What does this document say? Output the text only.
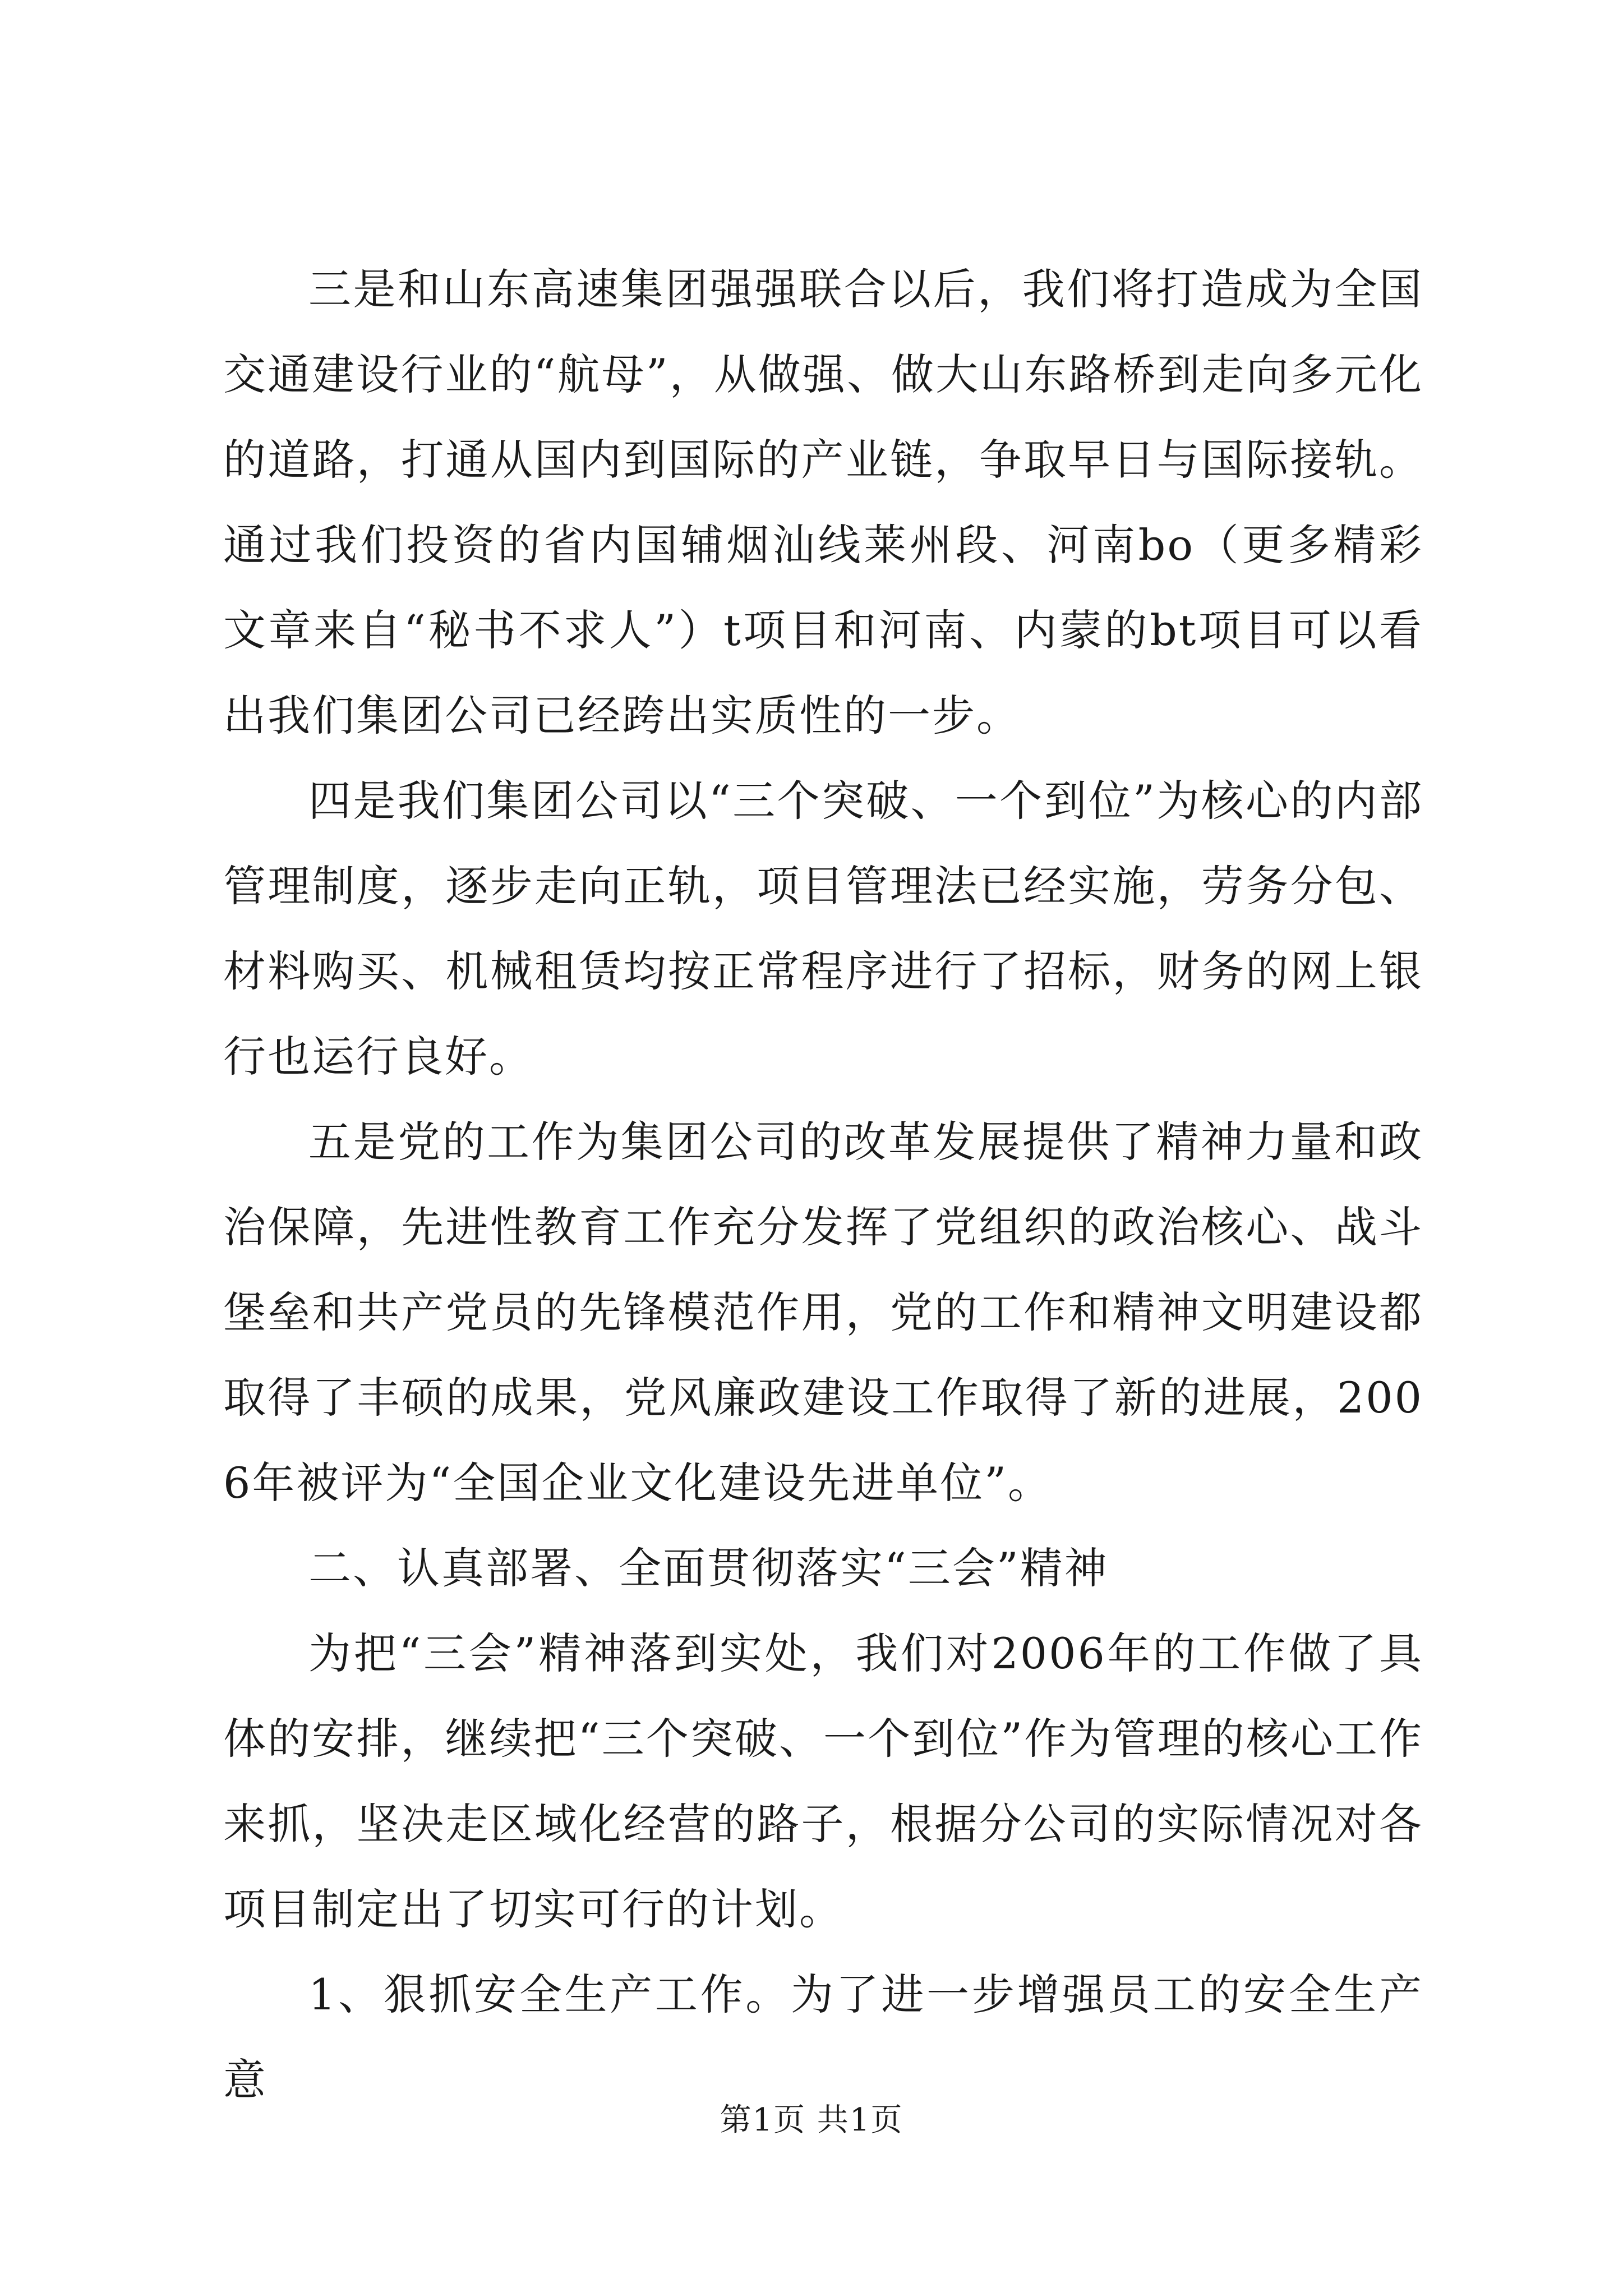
三是和山东高速集团强强联合以后，我们将打造成为全国交通建设行业的“航母”，从做强、做大山东路桥到走向多元化的道路，打通从国内到国际的产业链，争取早日与国际接轨。通过我们投资的省内国辅烟汕线莱州段、河南bo（更多精彩文章来自“秘书不求人”）t项目和河南、内蒙的bt项目可以看出我们集团公司已经跨出实质性的一步。

四是我们集团公司以“三个突破、一个到位”为核心的内部管理制度，逐步走向正轨，项目管理法已经实施，劳务分包、材料购买、机械租赁均按正常程序进行了招标，财务的网上银行也运行良好。

五是党的工作为集团公司的改革发展提供了精神力量和政治保障，先进性教育工作充分发挥了党组织的政治核心、战斗堡垒和共产党员的先锋模范作用，党的工作和精神文明建设都取得了丰硕的成果，党风廉政建设工作取得了新的进展，2006年被评为“全国企业文化建设先进单位”。

二、认真部署、全面贯彻落实“三会”精神

为把“三会”精神落到实处，我们对2006年的工作做了具体的安排，继续把“三个突破、一个到位”作为管理的核心工作来抓，坚决走区域化经营的路子，根据分公司的实际情况对各项目制定出了切实可行的计划。

1、狠抓安全生产工作。为了进一步增强员工的安全生产意

第1页 共1页
